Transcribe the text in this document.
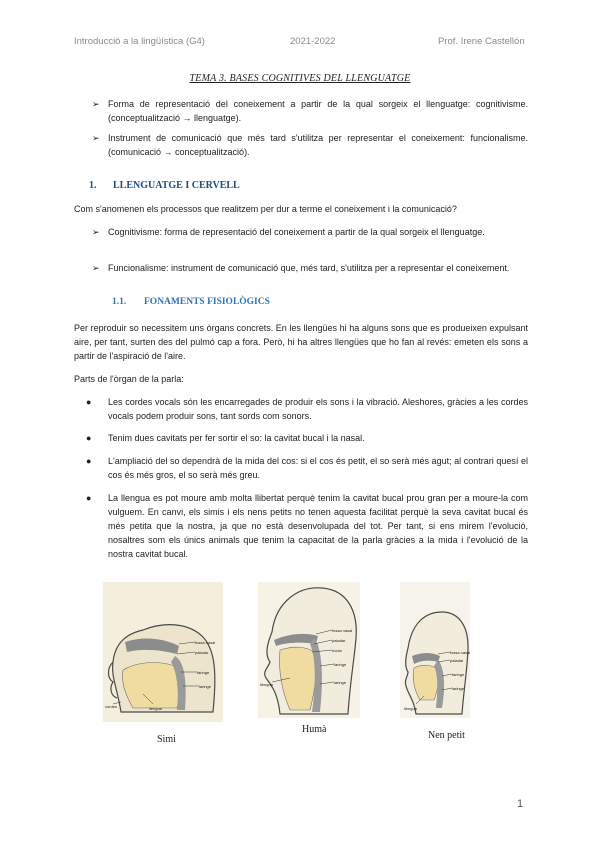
Introducció a la lingüística (G4)	2021-2022	Prof. Irene Castellón
TEMA 3. BASES COGNITIVES DEL LLENGUATGE
➢ Forma de representació del coneixement a partir de la qual sorgeix el llenguatge: cognitivisme. (conceptualització → llenguatge).
➢ Instrument de comunicació que més tard s'utilitza per representar el coneixement: funcionalisme. (comunicació → conceptualització).
1. LLENGUATGE I CERVELL
Com s'anomenen els processos que realitzem per dur a terme el coneixement i la comunicació?
➢ Cognitivisme: forma de representació del coneixement a partir de la qual sorgeix el llenguatge.
➢ Funcionalisme: instrument de comunicació que, més tard, s'utilitza per a representar el coneixement.
1.1. FONAMENTS FISIOLÒGICS
Per reproduir so necessitem uns òrgans concrets. En les llengües hi ha alguns sons que es produeixen expulsant aire, per tant, surten des del pulmó cap a fora. Però, hi ha altres llengües que ho fan al revés: emeten els sons a partir de l'aspiració de l'aire.
Parts de l'òrgan de la parla:
●	Les cordes vocals són les encarregades de produir els sons i la vibració. Aleshores, gràcies a les cordes vocals podem produir sons, tant sords com sonors.
●	Tenim dues cavitats per fer sortir el so: la cavitat bucal i la nasal.
●	L'ampliació del so dependrà de la mida del cos: si el cos és petit, el so serà més agut; al contrari quesí el cos és més gros, el so serà més greu.
●	La llengua es pot moure amb molta llibertat perquè tenim la cavitat bucal prou gran per a moure-la com vulguem. En canvi, els simis i els nens petits no tenen aquesta facilitat perquè la seva cavitat bucal és més petita que la nostra, ja que no està desenvolupada del tot. Per tant, si ens mirem l'evolució, nosaltres som els únics animals que tenim la capacitat de la parla gràcies a la mida i l'evolució de la nostra cavitat bucal.
fossa nasal
paladar
faringe
laringe
llengua
cordes
Simi
fossa nasal
paladar
úvula
faringe
laringe
llengua
Humà
fossa nasal
paladar
faringe
laringe
llengua
Nen petit
1
